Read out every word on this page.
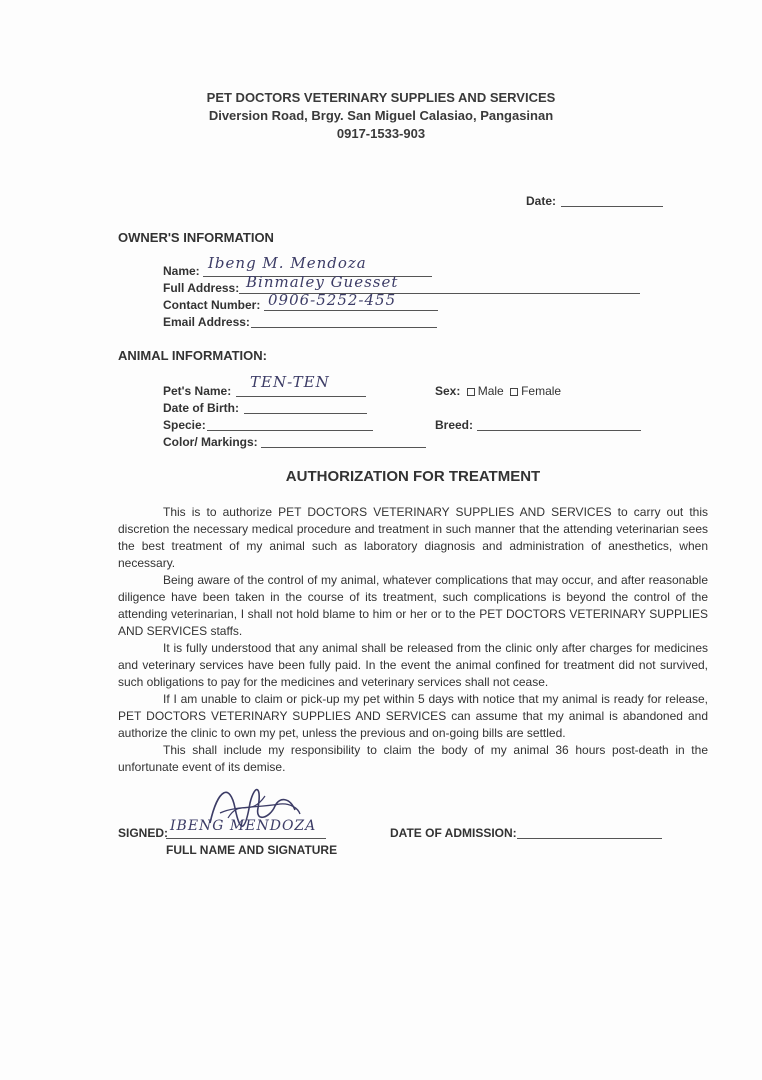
PET DOCTORS VETERINARY SUPPLIES AND SERVICES
Diversion Road, Brgy. San Miguel Calasiao, Pangasinan
0917-1533-903
Date:
OWNER'S INFORMATION
Name: Ibeng M. Mendoza
Full Address: Binmaley Guesset
Contact Number: 0906-5252-455
Email Address:
ANIMAL INFORMATION:
Pet's Name: TEN-TEN
Date of Birth:
Specie:
Color/ Markings:
Sex: Male Female
Breed:
AUTHORIZATION FOR TREATMENT

This is to authorize PET DOCTORS VETERINARY SUPPLIES AND SERVICES to carry out this discretion the necessary medical procedure and treatment in such manner that the attending veterinarian sees the best treatment of my animal such as laboratory diagnosis and administration of anesthetics, when necessary.

Being aware of the control of my animal, whatever complications that may occur, and after reasonable diligence have been taken in the course of its treatment, such complications is beyond the control of the attending veterinarian, I shall not hold blame to him or her or to the PET DOCTORS VETERINARY SUPPLIES AND SERVICES staffs.

It is fully understood that any animal shall be released from the clinic only after charges for medicines and veterinary services have been fully paid. In the event the animal confined for treatment did not survived, such obligations to pay for the medicines and veterinary services shall not cease.

If I am unable to claim or pick-up my pet within 5 days with notice that my animal is ready for release, PET DOCTORS VETERINARY SUPPLIES AND SERVICES can assume that my animal is abandoned and authorize the clinic to own my pet, unless the previous and on-going bills are settled.

This shall include my responsibility to claim the body of my animal 36 hours post-death in the unfortunate event of its demise.

SIGNED: IBENG MENDOZA
FULL NAME AND SIGNATURE
DATE OF ADMISSION:
